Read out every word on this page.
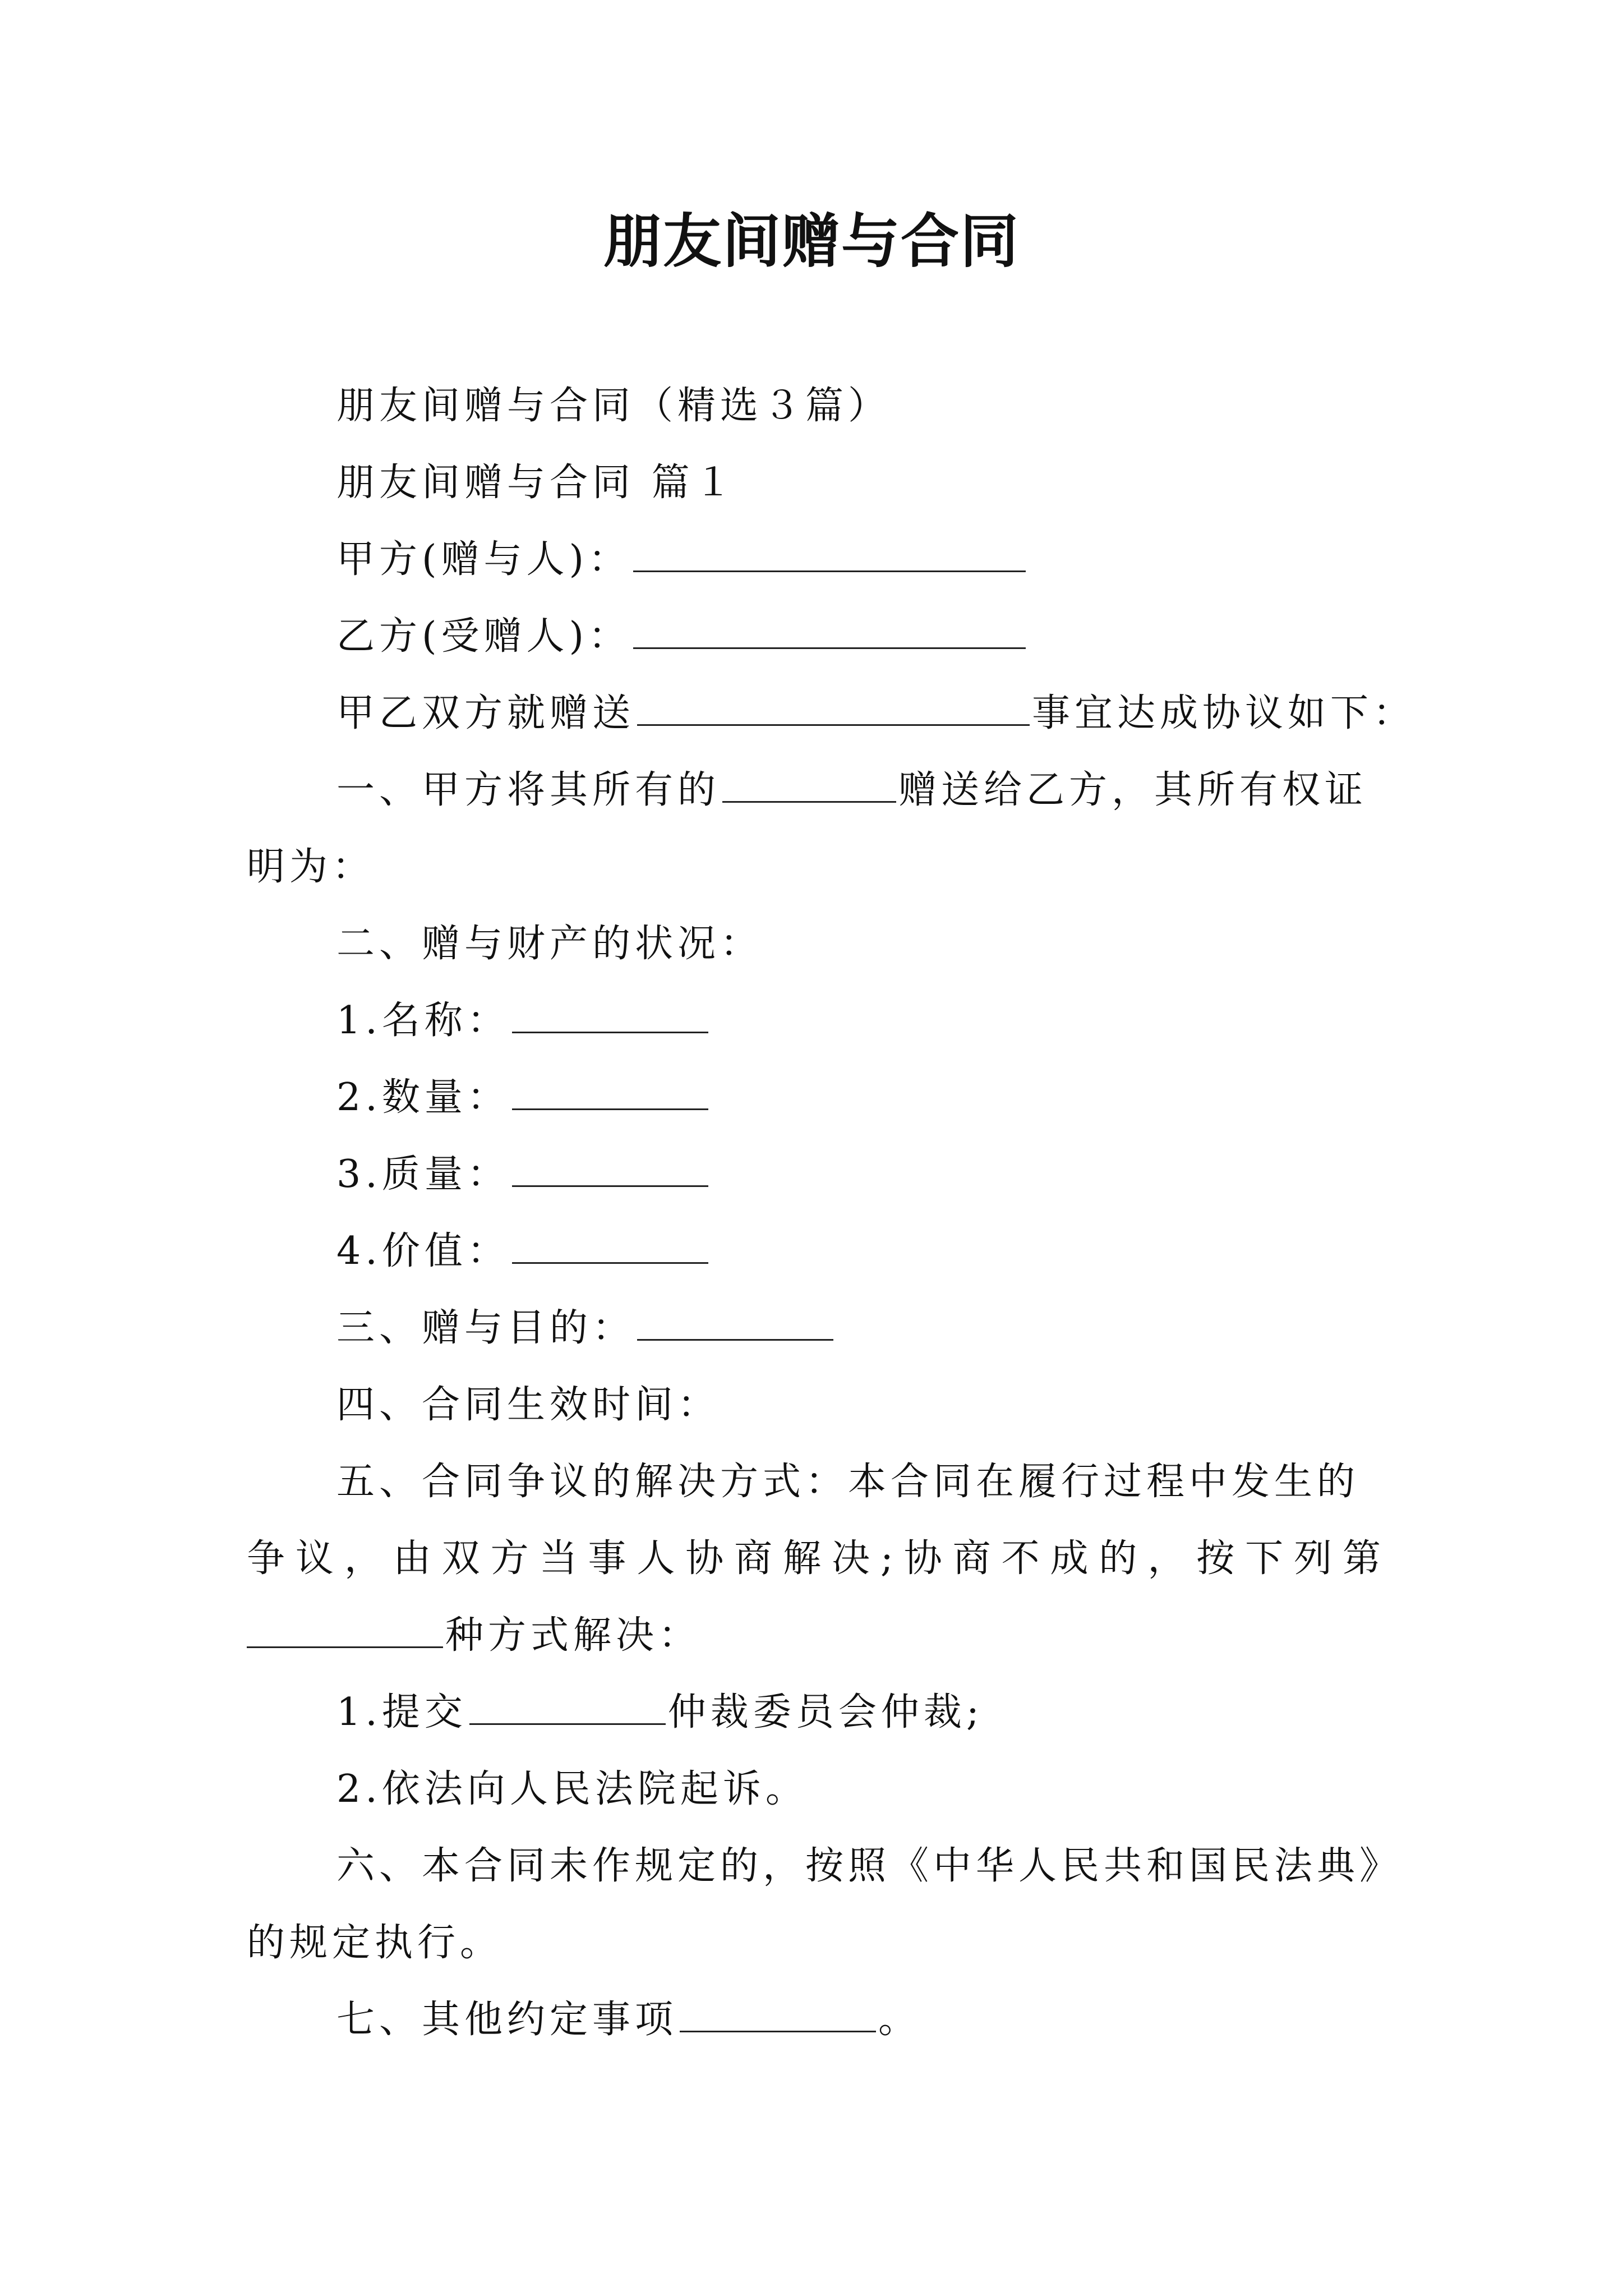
朋友间赠与合同

朋友间赠与合同（精选３篇）

朋友间赠与合同 篇１

甲方(赠与人)：

乙方(受赠人)：

甲乙双方就赠送	事宜达成协议如下：

一、甲方将其所有的	赠送给乙方，其所有权证

明为：

二、赠与财产的状况：

1.名称：

2.数量：

3.质量：

4.价值：

三、赠与目的：

四、合同生效时间：

五、合同争议的解决方式：本合同在履行过程中发生的

争议，由双方当事人协商解决;协商不成的，按下列第

种方式解决：

1.提交	仲裁委员会仲裁;

2.依法向人民法院起诉。

六、本合同未作规定的，按照《中华人民共和国民法典》

的规定执行。

七、其他约定事项	。
